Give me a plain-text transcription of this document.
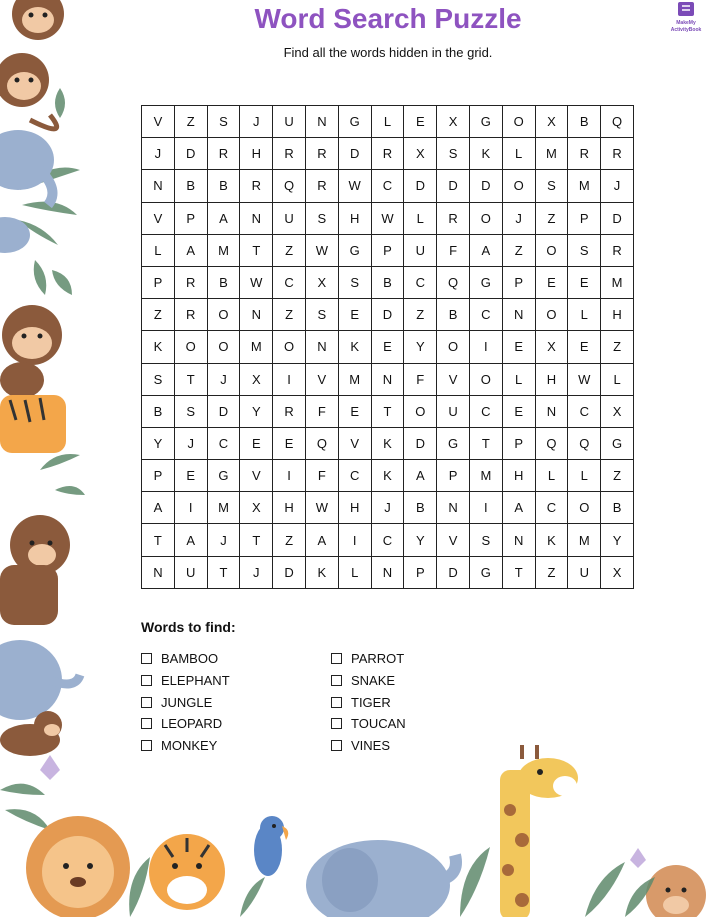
Word Search Puzzle
Find all the words hidden in the grid.
MakeMy
ActivityBook
V	Z	S	J	U	N	G	L	E	X	G	O	X	B	Q
J	D	R	H	R	R	D	R	X	S	K	L	M	R	R
N	B	B	R	Q	R	W	C	D	D	D	O	S	M	J
V	P	A	N	U	S	H	W	L	R	O	J	Z	P	D
L	A	M	T	Z	W	G	P	U	F	A	Z	O	S	R
P	R	B	W	C	X	S	B	C	Q	G	P	E	E	M
Z	R	O	N	Z	S	E	D	Z	B	C	N	O	L	H
K	O	O	M	O	N	K	E	Y	O	I	E	X	E	Z
S	T	J	X	I	V	M	N	F	V	O	L	H	W	L
B	S	D	Y	R	F	E	T	O	U	C	E	N	C	X
Y	J	C	E	E	Q	V	K	D	G	T	P	Q	Q	G
P	E	G	V	I	F	C	K	A	P	M	H	L	L	Z
A	I	M	X	H	W	H	J	B	N	I	A	C	O	B
T	A	J	T	Z	A	I	C	Y	V	S	N	K	M	Y
N	U	T	J	D	K	L	N	P	D	G	T	Z	U	X
Words to find:
BAMBOO
ELEPHANT
JUNGLE
LEOPARD
MONKEY
PARROT
SNAKE
TIGER
TOUCAN
VINES
